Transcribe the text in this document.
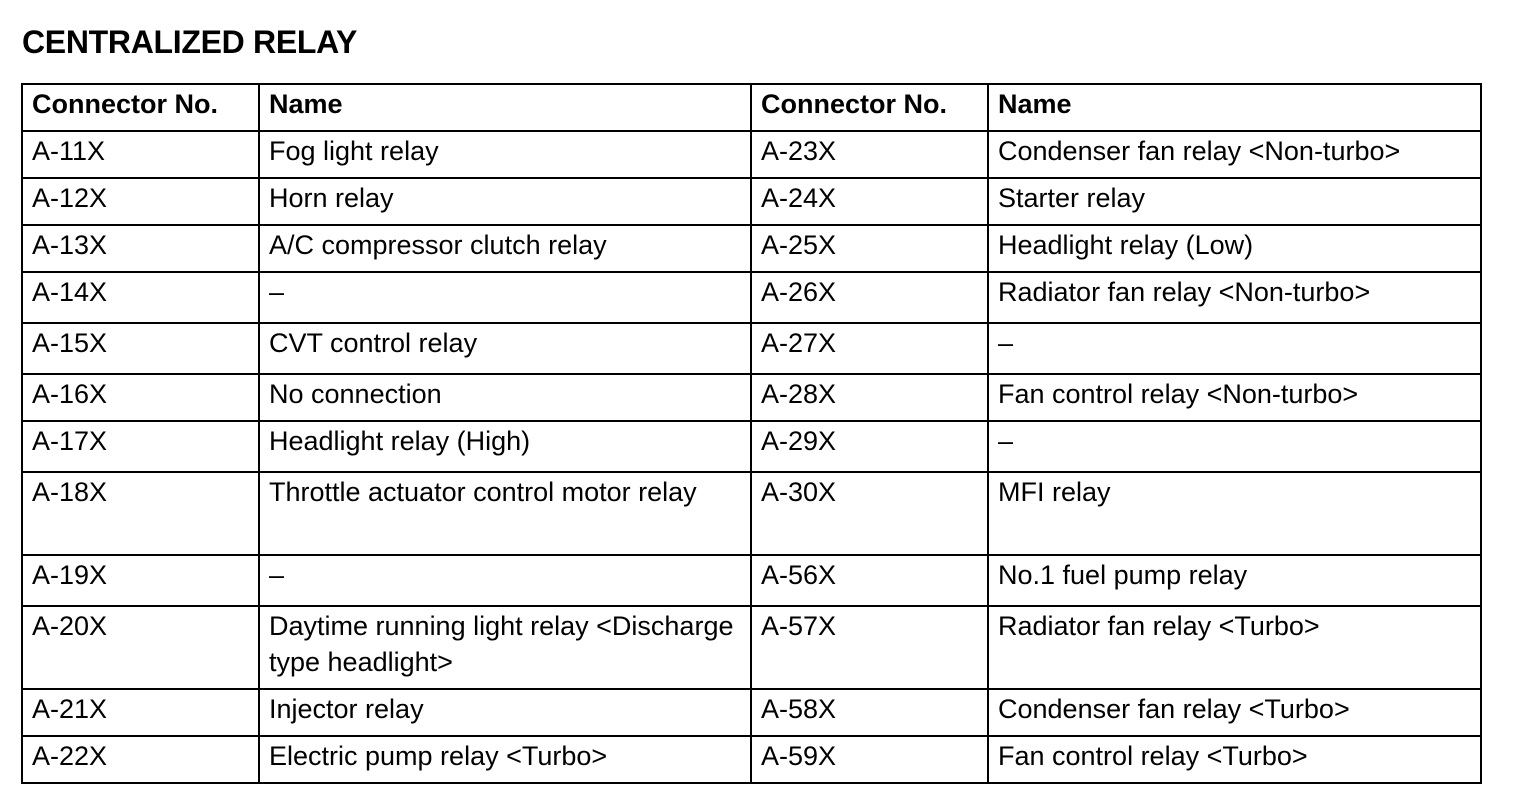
CENTRALIZED RELAY
Connector No.	Name	Connector No.	Name
A-11X	Fog light relay	A-23X	Condenser fan relay <Non-turbo>
A-12X	Horn relay	A-24X	Starter relay
A-13X	A/C compressor clutch relay	A-25X	Headlight relay (Low)
A-14X	–	A-26X	Radiator fan relay <Non-turbo>
A-15X	CVT control relay	A-27X	–
A-16X	No connection	A-28X	Fan control relay <Non-turbo>
A-17X	Headlight relay (High)	A-29X	–
A-18X	Throttle actuator control motor relay	A-30X	MFI relay
A-19X	–	A-56X	No.1 fuel pump relay
A-20X	Daytime running light relay <Discharge type headlight>	A-57X	Radiator fan relay <Turbo>
A-21X	Injector relay	A-58X	Condenser fan relay <Turbo>
A-22X	Electric pump relay <Turbo>	A-59X	Fan control relay <Turbo>
